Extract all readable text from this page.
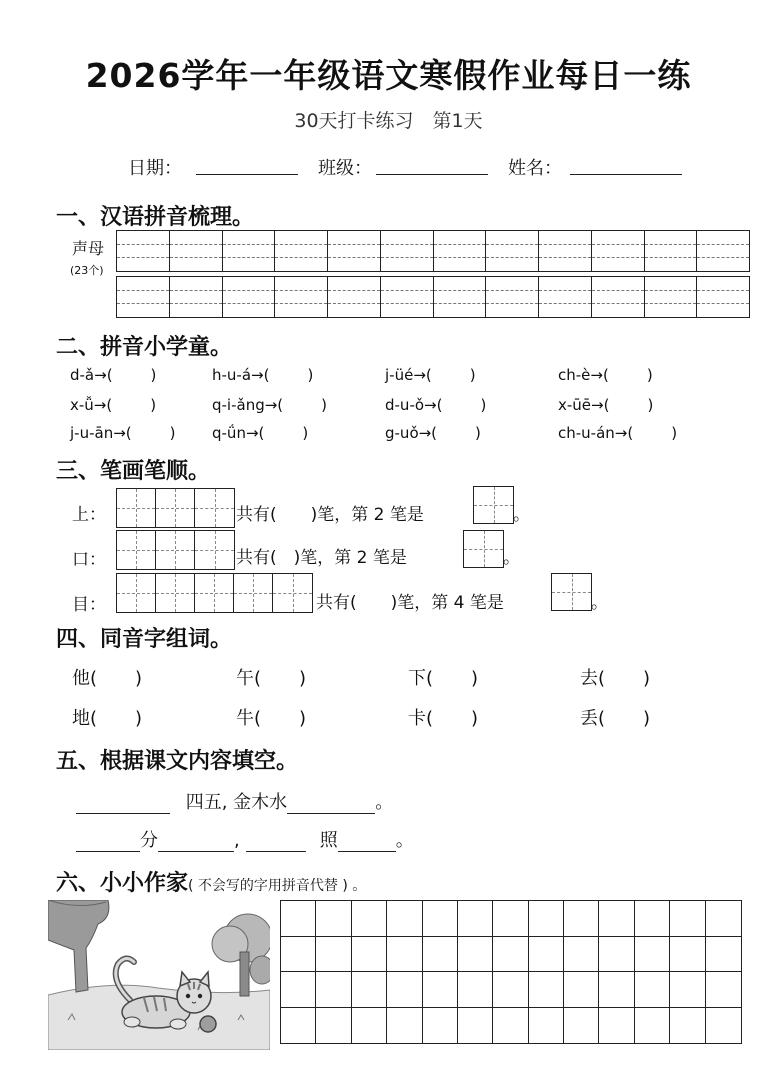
2026学年一年级语文寒假作业每日一练
30天打卡练习　第1天
日期：	班级：	姓名：
一、汉语拼音梳理。
声母
(23个)
二、拼音小学童。
d-ǎ→(	)	h-u-á→(	)	j-üé→(	)	ch-è→(	)
x-ǚ→(	)	q-i-ǎng→(	)	d-u-ǒ→(	)	x-ūē→(	)
j-u-ān→(	) q-ǘn→(	)	g-uǒ→(	)	ch-u-án→(	)
三、笔画笔顺。
上：	共有(　　)笔，第 2 笔是	。
口：	共有(　)笔，第 2 笔是	。
目：	共有(　　)笔，第 4 笔是	。
四、同音字组词。
他( )	午( )	下( )	去( )
地( )	牛( )	卡( )	丢( )
五、根据课文内容填空。
四五, 金木水	。
分	,	照	。
六、小小作家( 不会写的字用拼音代替 ) 。
